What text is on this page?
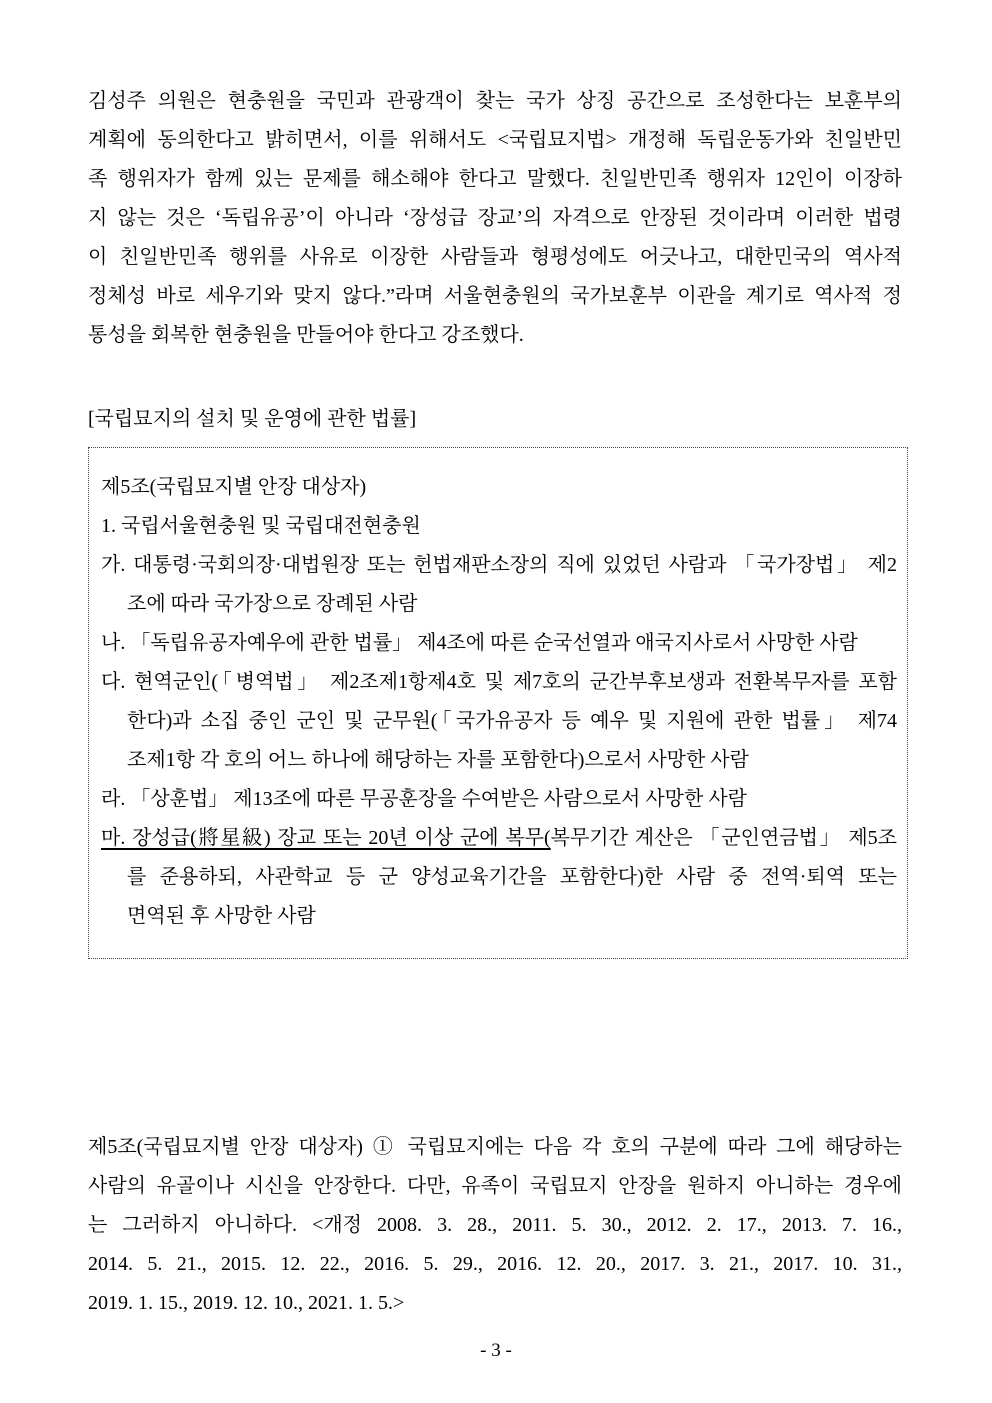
김성주 의원은 현충원을 국민과 관광객이 찾는 국가 상징 공간으로 조성한다는 보훈부의
계획에 동의한다고 밝히면서, 이를 위해서도 <국립묘지법> 개정해 독립운동가와 친일반민
족 행위자가 함께 있는 문제를 해소해야 한다고 말했다. 친일반민족 행위자 12인이 이장하
지 않는 것은 ‘독립유공’이 아니라 ‘장성급 장교’의 자격으로 안장된 것이라며 이러한 법령
이 친일반민족 행위를 사유로 이장한 사람들과 형평성에도 어긋나고, 대한민국의 역사적
정체성 바로 세우기와 맞지 않다.”라며 서울현충원의 국가보훈부 이관을 계기로 역사적 정
통성을 회복한 현충원을 만들어야 한다고 강조했다.
[국립묘지의 설치 및 운영에 관한 법률]
제5조(국립묘지별 안장 대상자)
1. 국립서울현충원 및 국립대전현충원
가. 대통령·국회의장·대법원장 또는 헌법재판소장의 직에 있었던 사람과 「국가장법」 제2
조에 따라 국가장으로 장례된 사람
나. 「독립유공자예우에 관한 법률」 제4조에 따른 순국선열과 애국지사로서 사망한 사람
다. 현역군인(「병역법」 제2조제1항제4호 및 제7호의 군간부후보생과 전환복무자를 포함
한다)과 소집 중인 군인 및 군무원(「국가유공자 등 예우 및 지원에 관한 법률」 제74
조제1항 각 호의 어느 하나에 해당하는 자를 포함한다)으로서 사망한 사람
라. 「상훈법」 제13조에 따른 무공훈장을 수여받은 사람으로서 사망한 사람
마. 장성급(將星級) 장교 또는 20년 이상 군에 복무(복무기간 계산은 「군인연금법」 제5조
를 준용하되, 사관학교 등 군 양성교육기간을 포함한다)한 사람 중 전역·퇴역 또는
면역된 후 사망한 사람
제5조(국립묘지별 안장 대상자) ① 국립묘지에는 다음 각 호의 구분에 따라 그에 해당하는
사람의 유골이나 시신을 안장한다. 다만, 유족이 국립묘지 안장을 원하지 아니하는 경우에
는 그러하지 아니하다. <개정 2008. 3. 28., 2011. 5. 30., 2012. 2. 17., 2013. 7. 16.,
2014. 5. 21., 2015. 12. 22., 2016. 5. 29., 2016. 12. 20., 2017. 3. 21., 2017. 10. 31.,
2019. 1. 15., 2019. 12. 10., 2021. 1. 5.>
- 3 -
